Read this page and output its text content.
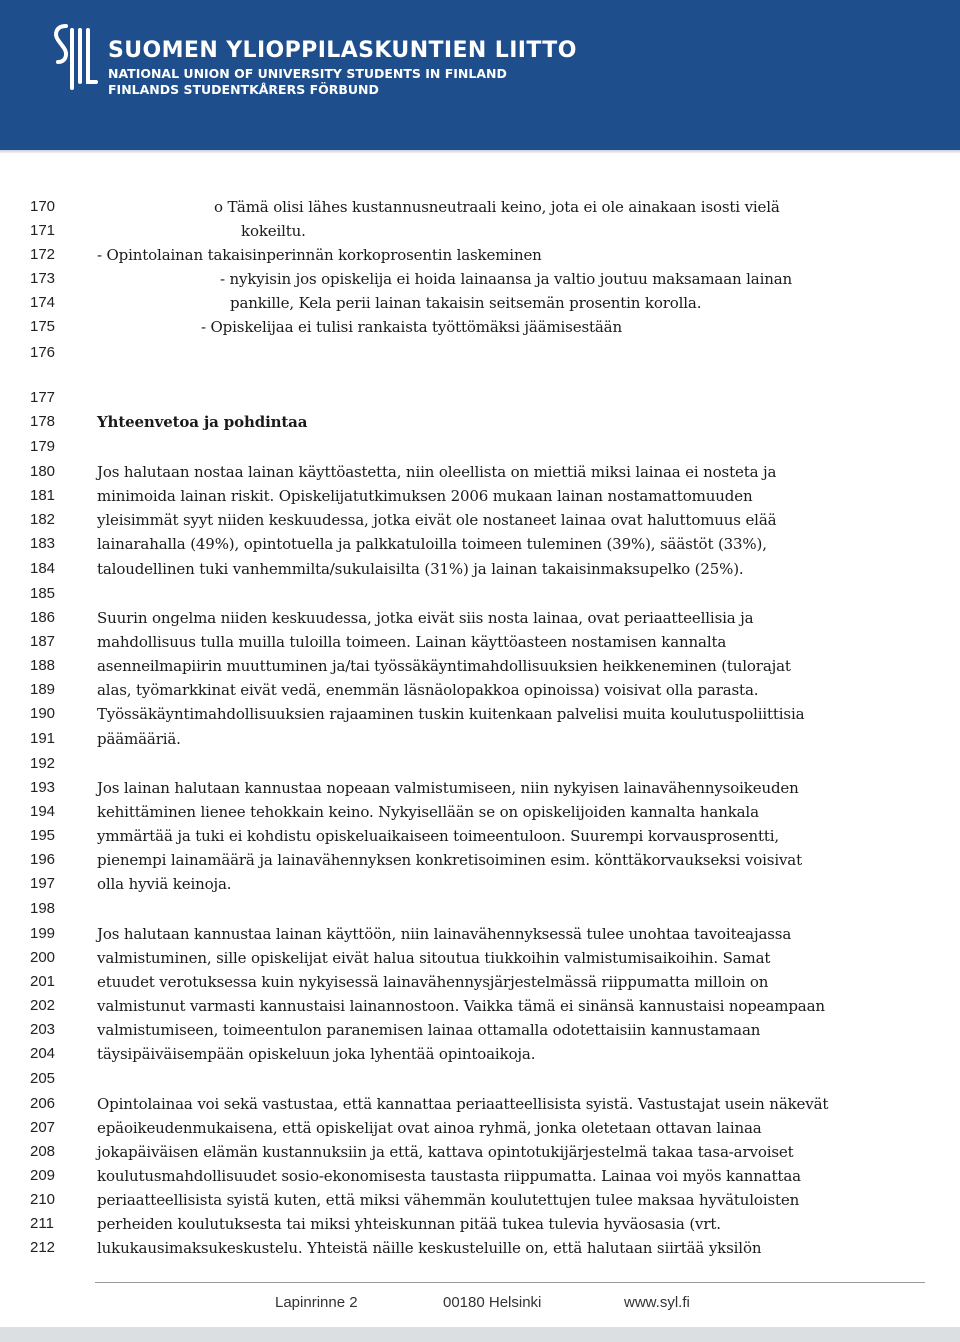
SUOMEN YLIOPPILASKUNTIEN LIITTO
NATIONAL UNION OF UNIVERSITY STUDENTS IN FINLAND
FINLANDS STUDENTKÅRERS FÖRBUND
170
171
172
173
174
175
176
177
178
179
180
181
182
183
184
185
186
187
188
189
190
191
192
193
194
195
196
197
198
199
200
201
202
203
204
205
206
207
208
209
210
211
212
o Tämä olisi lähes kustannusneutraali keino, jota ei ole ainakaan isosti vielä
kokeiltu.
- Opintolainan takaisinperinnän korkoprosentin laskeminen
- nykyisin jos opiskelija ei hoida lainaansa ja valtio joutuu maksamaan lainan
pankille, Kela perii lainan takaisin seitsemän prosentin korolla.
- Opiskelijaa ei tulisi rankaista työttömäksi jäämisestään
Yhteenvetoa ja pohdintaa
Jos halutaan nostaa lainan käyttöastetta, niin oleellista on miettiä miksi lainaa ei nosteta ja
minimoida lainan riskit. Opiskelijatutkimuksen 2006 mukaan lainan nostamattomuuden
yleisimmät syyt niiden keskuudessa, jotka eivät ole nostaneet lainaa ovat haluttomuus elää
lainarahalla (49%), opintotuella ja palkkatuloilla toimeen tuleminen (39%), säästöt (33%),
taloudellinen tuki vanhemmilta/sukulaisilta (31%) ja lainan takaisinmaksupelko (25%).
Suurin ongelma niiden keskuudessa, jotka eivät siis nosta lainaa, ovat periaatteellisia ja
mahdollisuus tulla muilla tuloilla toimeen. Lainan käyttöasteen nostamisen kannalta
asenneilmapiirin muuttuminen ja/tai työssäkäyntimahdollisuuksien heikkeneminen (tulorajat
alas, työmarkkinat eivät vedä, enemmän läsnäolopakkoa opinoissa) voisivat olla parasta.
Työssäkäyntimahdollisuuksien rajaaminen tuskin kuitenkaan palvelisi muita koulutuspoliittisia
päämääriä.
Jos lainan halutaan kannustaa nopeaan valmistumiseen, niin nykyisen lainavähennysoikeuden
kehittäminen lienee tehokkain keino. Nykyisellään se on opiskelijoiden kannalta hankala
ymmärtää ja tuki ei kohdistu opiskeluaikaiseen toimeentuloon. Suurempi korvausprosentti,
pienempi lainamäärä ja lainavähennyksen konkretisoiminen esim. könttäkorvaukseksi voisivat
olla hyviä keinoja.
Jos halutaan kannustaa lainan käyttöön, niin lainavähennyksessä tulee unohtaa tavoiteajassa
valmistuminen, sille opiskelijat eivät halua sitoutua tiukkoihin valmistumisaikoihin. Samat
etuudet verotuksessa kuin nykyisessä lainavähennysjärjestelmässä riippumatta milloin on
valmistunut varmasti kannustaisi lainannostoon. Vaikka tämä ei sinänsä kannustaisi nopeampaan
valmistumiseen, toimeentulon paranemisen lainaa ottamalla odotettaisiin kannustamaan
täysipäiväisempään opiskeluun joka lyhentää opintoaikoja.
Opintolainaa voi sekä vastustaa, että kannattaa periaatteellisista syistä. Vastustajat usein näkevät
epäoikeudenmukaisena, että opiskelijat ovat ainoa ryhmä, jonka oletetaan ottavan lainaa
jokapäiväisen elämän kustannuksiin ja että, kattava opintotukijärjestelmä takaa tasa-arvoiset
koulutusmahdollisuudet sosio-ekonomisesta taustasta riippumatta. Lainaa voi myös kannattaa
periaatteellisista syistä kuten, että miksi vähemmän koulutettujen tulee maksaa hyvätuloisten
perheiden koulutuksesta tai miksi yhteiskunnan pitää tukea tulevia hyväosasia (vrt.
lukukausimaksukeskustelu. Yhteistä näille keskusteluille on, että halutaan siirtää yksilön
Lapinrinne 2	00180 Helsinki	www.syl.fi
